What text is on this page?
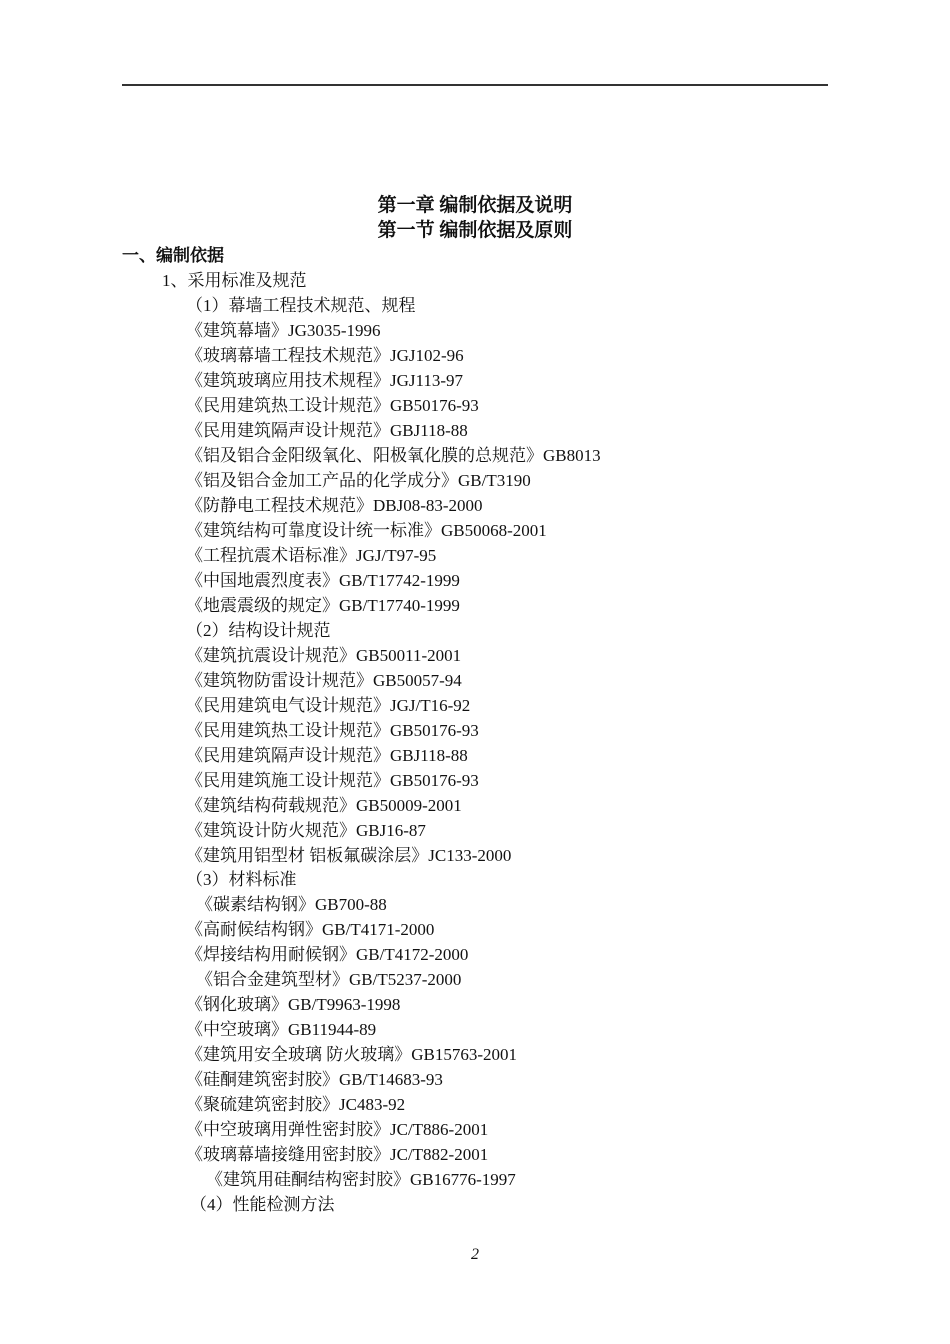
第一章 编制依据及说明
第一节 编制依据及原则
一、编制依据
1、采用标准及规范
（1）幕墙工程技术规范、规程
《建筑幕墙》JG3035-1996
《玻璃幕墙工程技术规范》JGJ102-96
《建筑玻璃应用技术规程》JGJ113-97
《民用建筑热工设计规范》GB50176-93
《民用建筑隔声设计规范》GBJ118-88
《铝及铝合金阳级氧化、阳极氧化膜的总规范》GB8013
《铝及铝合金加工产品的化学成分》GB/T3190
《防静电工程技术规范》DBJ08-83-2000
《建筑结构可靠度设计统一标准》GB50068-2001
《工程抗震术语标准》JGJ/T97-95
《中国地震烈度表》GB/T17742-1999
《地震震级的规定》GB/T17740-1999
（2）结构设计规范
《建筑抗震设计规范》GB50011-2001
《建筑物防雷设计规范》GB50057-94
《民用建筑电气设计规范》JGJ/T16-92
《民用建筑热工设计规范》GB50176-93
《民用建筑隔声设计规范》GBJ118-88
《民用建筑施工设计规范》GB50176-93
《建筑结构荷载规范》GB50009-2001
《建筑设计防火规范》GBJ16-87
《建筑用铝型材 铝板氟碳涂层》JC133-2000
（3）材料标准
《碳素结构钢》GB700-88
《高耐候结构钢》GB/T4171-2000
《焊接结构用耐候钢》GB/T4172-2000
《铝合金建筑型材》GB/T5237-2000
《钢化玻璃》GB/T9963-1998
《中空玻璃》GB11944-89
《建筑用安全玻璃 防火玻璃》GB15763-2001
《硅酮建筑密封胶》GB/T14683-93
《聚硫建筑密封胶》JC483-92
《中空玻璃用弹性密封胶》JC/T886-2001
《玻璃幕墙接缝用密封胶》JC/T882-2001
《建筑用硅酮结构密封胶》GB16776-1997
（4）性能检测方法
2
